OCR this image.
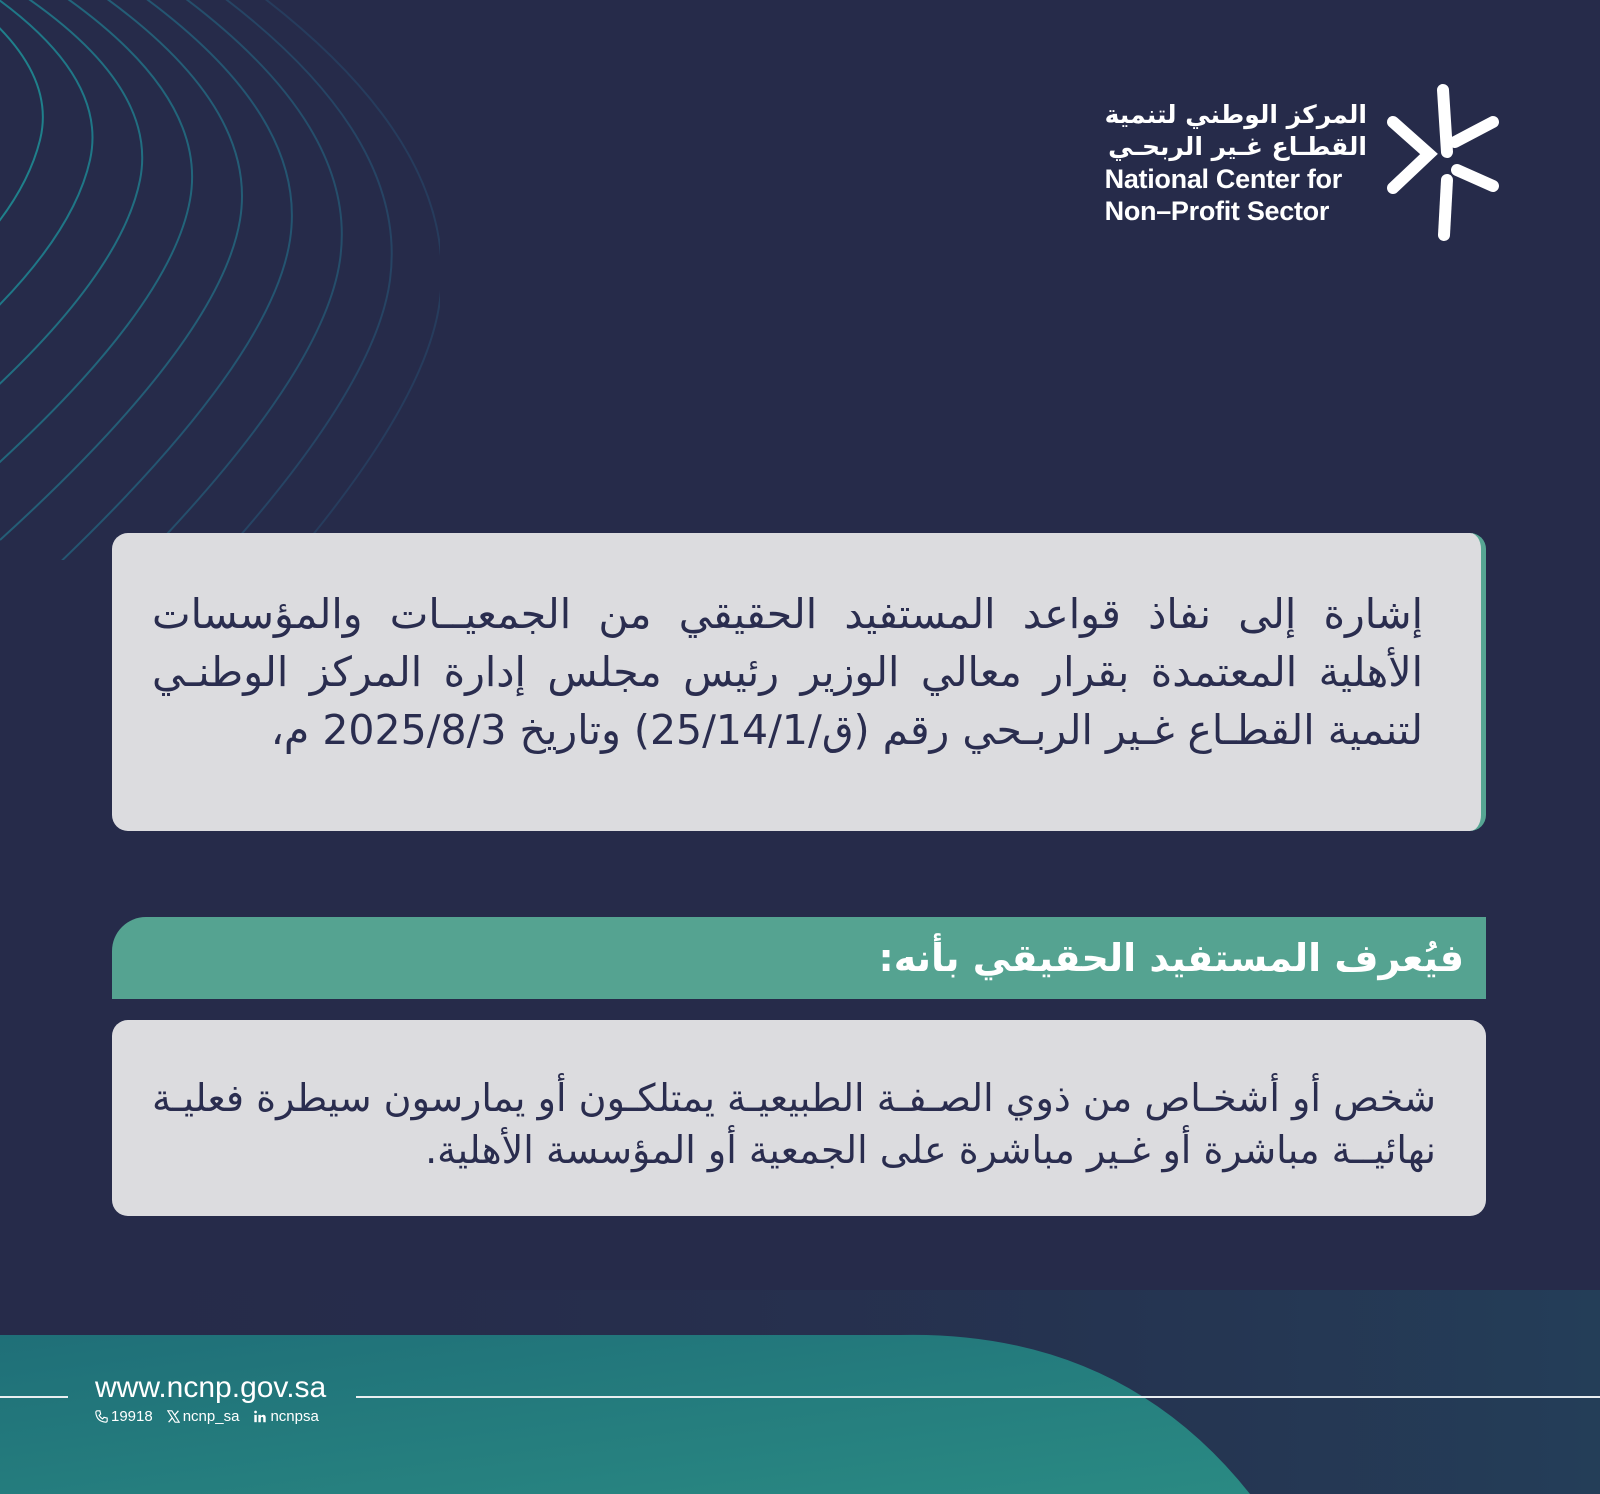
المركز الوطني لتنمية
القطـاع غـير الربحـي
National Center for
Non–Profit Sector

إشارة إلى نفاذ قواعد المستفيد الحقيقي من الجمعيــات والمؤسسات الأهلية المعتمدة بقرار معالي الوزير رئيس مجلس إدارة المركز الوطنـي لتنمية القطـاع غـير الربـحي رقم (ق/25/14/1) وتاريخ 2025/8/3 م،

فيُعرف المستفيد الحقيقي بأنه:

شخص أو أشخـاص من ذوي الصـفـة الطبيعيـة يمتلكـون أو يمارسون سيطرة فعليـة نهائيــة مباشرة أو غـير مباشرة على الجمعية أو المؤسسة الأهلية.

www.ncnp.gov.sa
19918 ncnp_sa ncnpsa
